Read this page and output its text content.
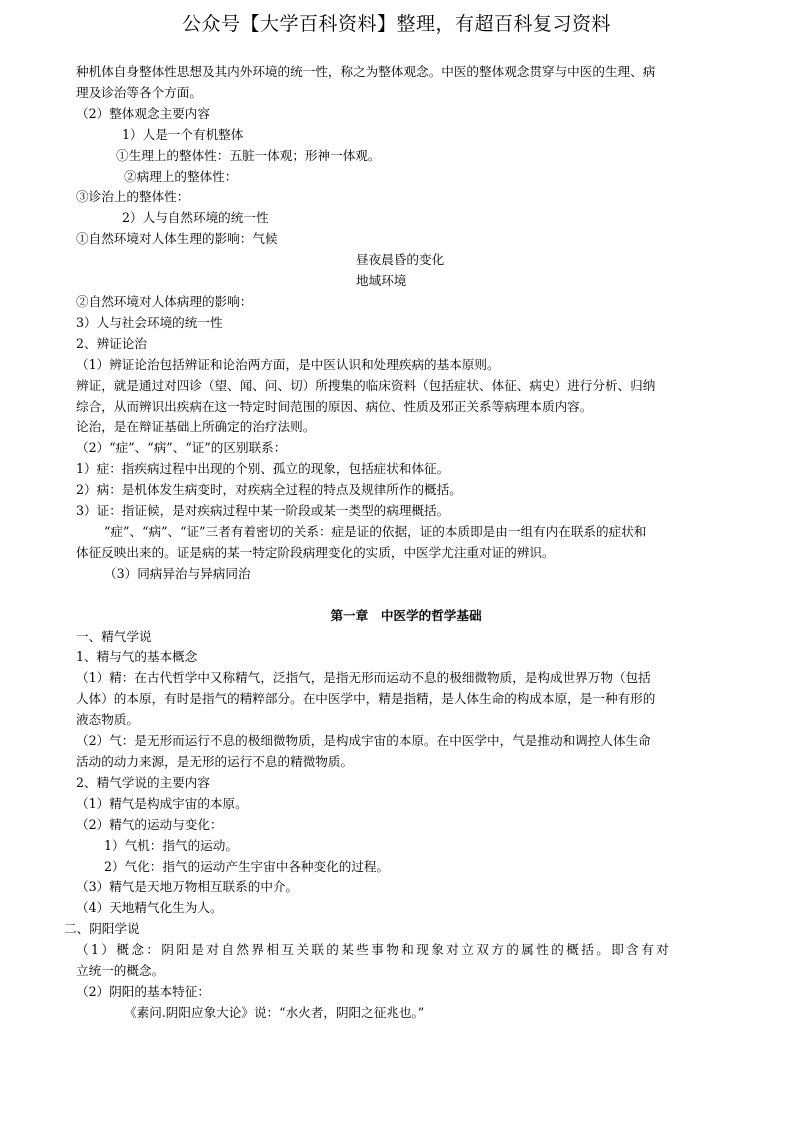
公众号【大学百科资料】整理，有超百科复习资料
种机体自身整体性思想及其内外环境的统一性，称之为整体观念。中医的整体观念贯穿与中医的生理、病
理及诊治等各个方面。
（2）整体观念主要内容
1）人是一个有机整体
①生理上的整体性：五脏一体观；形神一体观。
②病理上的整体性：
③诊治上的整体性：
2）人与自然环境的统一性
①自然环境对人体生理的影响：气候
昼夜晨昏的变化
地域环境
②自然环境对人体病理的影响：
3）人与社会环境的统一性
2、辨证论治
（1）辨证论治包括辨证和论治两方面，是中医认识和处理疾病的基本原则。
辨证，就是通过对四诊（望、闻、问、切）所搜集的临床资料（包括症状、体征、病史）进行分析、归纳
综合，从而辨识出疾病在这一特定时间范围的原因、病位、性质及邪正关系等病理本质内容。
论治，是在辩证基础上所确定的治疗法则。
（2）“症”、“病”、“证”的区别联系：
1）症：指疾病过程中出现的个别、孤立的现象，包括症状和体征。
2）病：是机体发生病变时，对疾病全过程的特点及规律所作的概括。
3）证：指证候，是对疾病过程中某一阶段或某一类型的病理概括。
“症”、“病”、“证”三者有着密切的关系：症是证的依据，证的本质即是由一组有内在联系的症状和
体征反映出来的。证是病的某一特定阶段病理变化的实质，中医学尤注重对证的辨识。
（3）同病异治与异病同治
第一章　中医学的哲学基础
一、精气学说
1、精与气的基本概念
（1）精：在古代哲学中又称精气，泛指气，是指无形而运动不息的极细微物质，是构成世界万物（包括
人体）的本原，有时是指气的精粹部分。在中医学中，精是指精，是人体生命的构成本原，是一种有形的
液态物质。
（2）气：是无形而运行不息的极细微物质，是构成宇宙的本原。在中医学中，气是推动和调控人体生命
活动的动力来源，是无形的运行不息的精微物质。
2、精气学说的主要内容
（1）精气是构成宇宙的本原。
（2）精气的运动与变化：
1）气机：指气的运动。
2）气化：指气的运动产生宇宙中各种变化的过程。
（3）精气是天地万物相互联系的中介。
（4）天地精气化生为人。
二、阴阳学说
（1）概念：阴阳是对自然界相互关联的某些事物和现象对立双方的属性的概括。即含有对
立统一的概念。
（2）阴阳的基本特征：
《素问.阴阳应象大论》说：“水火者，阴阳之征兆也。”
